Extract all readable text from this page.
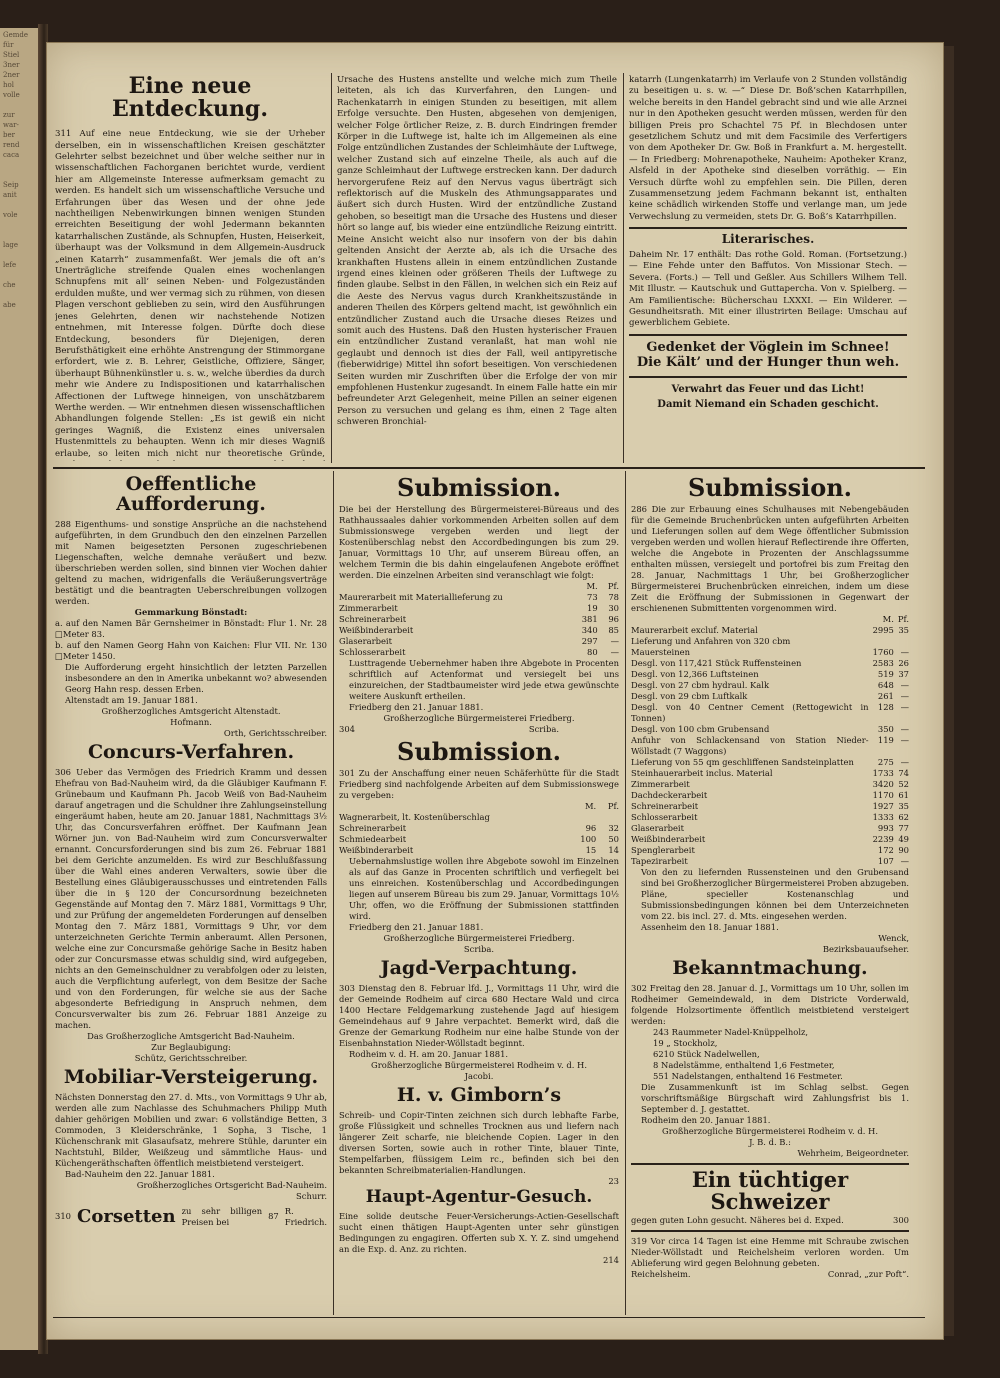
Gemde
für
Stiel
3ner
2ner
hol
volle

zur
war-
ber
rend
caca

Seip
anit

vole

lage

lefe

che

abe

Eine neue Entdeckung.

311 Auf eine neue Entdeckung, wie sie der Urheber derselben, ein in wissenschaftlichen Kreisen geschätzter Gelehrter selbst bezeichnet und über welche seither nur in wissenschaftlichen Fachorganen berichtet wurde, verdient hier am Allgemeinste Interesse aufmerksam gemacht zu werden. Es handelt sich um wissenschaftliche Versuche und Erfahrungen über das Wesen und der ohne jede nachtheiligen Nebenwirkungen binnen wenigen Stunden erreichten Beseitigung der wohl Jedermann bekannten katarrhalischen Zustände, als Schnupfen, Husten, Heiserkeit, überhaupt was der Volksmund in dem Allgemein-Ausdruck „einen Katarrh“ zusammenfaßt. Wer jemals die oft an’s Unerträgliche streifende Qualen eines wochenlangen Schnupfens mit all’ seinen Neben- und Folgezuständen erdulden mußte, und wer vermag sich zu rühmen, von diesen Plagen verschont geblieben zu sein, wird den Ausführungen jenes Gelehrten, denen wir nachstehende Notizen entnehmen, mit Interesse folgen. Dürfte doch diese Entdeckung, besonders für Diejenigen, deren Berufsthätigkeit eine erhöhte Anstrengung der Stimmorgane erfordert, wie z. B. Lehrer, Geistliche, Offiziere, Sänger, überhaupt Bühnenkünstler u. s. w., welche überdies da durch mehr wie Andere zu Indispositionen und katarrhalischen Affectionen der Luftwege hinneigen, von unschätzbarem Werthe werden. — Wir entnehmen diesen wissenschaftlichen Abhandlungen folgende Stellen: „Es ist gewiß ein nicht geringes Wagniß, die Existenz eines universalen Hustenmittels zu behaupten. Wenn ich mir dieses Wagniß erlaube, so leiten mich nicht nur theoretische Gründe,

Ursache des Hustens anstellte und welche mich zum Theile leiteten, als ich das Kurverfahren, den Lungen- und Rachenkatarrh in einigen Stunden zu beseitigen, mit allem Erfolge versuchte. Den Husten, abgesehen von demjenigen, welcher Folge örtlicher Reize, z. B. durch Eindringen fremder Körper in die Luftwege ist, halte ich im Allgemeinen als eine Folge entzündlichen Zustandes der Schleimhäute der Luftwege, welcher Zustand sich auf einzelne Theile, als auch auf die ganze Schleimhaut der Luftwege erstrecken kann. Der dadurch hervorgerufene Reiz auf den Nervus vagus überträgt sich reflektorisch auf die Muskeln des Athmungsapparates und äußert sich durch Husten. Wird der entzündliche Zustand gehoben, so beseitigt man die Ursache des Hustens und dieser hört so lange auf, bis wieder eine entzündliche Reizung eintritt. Meine Ansicht weicht also nur insofern von der bis dahin geltenden Ansicht der Aerzte ab, als ich die Ursache des krankhaften Hustens allein in einem entzündlichen Zustande irgend eines kleinen oder größeren Theils der Luftwege zu finden glaube. Selbst in den Fällen, in welchen sich ein Reiz auf die Aeste des Nervus vagus durch Krankheitszustände in anderen Theilen des Körpers geltend macht, ist gewöhnlich ein entzündlicher Zustand auch die Ursache dieses Reizes und somit auch des Hustens. Daß den Husten hysterischer Frauen ein entzündlicher Zustand veranlaßt, hat man wohl nie geglaubt und dennoch ist dies der Fall, weil antipyretische (fieberwidrige) Mittel ihn sofort beseitigen. Von verschiedenen Seiten wurden mir Zuschriften über die Erfolge der von mir empfohlenen Hustenkur zugesandt. In einem Falle hatte ein mir befreundeter Arzt Gelegenheit, meine Pillen an seiner eigenen Person zu versuchen und gelang es ihm, einen 2 Tage alten schweren Bronchial-

katarrh (Lungenkatarrh) im Verlaufe von 2 Stunden vollständig zu beseitigen u. s. w. —“ Diese Dr. Boß’schen Katarrhpillen, welche bereits in den Handel gebracht sind und wie alle Arznei nur in den Apotheken gesucht werden müssen, werden für den billigen Preis pro Schachtel 75 Pf. in Blechdosen unter gesetzlichem Schutz und mit dem Facsimile des Verfertigers von dem Apotheker Dr. Gw. Boß in Frankfurt a. M. hergestellt. — In Friedberg: Mohrenapotheke, Nauheim: Apotheker Kranz, Alsfeld in der Apotheke sind dieselben vorräthig. — Ein Versuch dürfte wohl zu empfehlen sein. Die Pillen, deren Zusammensetzung jedem Fachmann bekannt ist, enthalten keine schädlich wirkenden Stoffe und verlange man, um jede Verwechslung zu vermeiden, stets Dr. G. Boß’s Katarrhpillen.

Literarisches.

Daheim Nr. 17 enthält: Das rothe Gold. Roman. (Fortsetzung.) — Eine Fehde unter den Baffutos. Von Missionar Stech. — Severa. (Forts.) — Tell und Geßler. Aus Schillers Wilhem Tell. Mit Illustr. — Kautschuk und Guttapercha. Von v. Spielberg. — Am Familientische: Bücherschau LXXXI. — Ein Wilderer. — Gesundheitsrath. Mit einer illustrirten Beilage: Umschau auf gewerblichem Gebiete.

Gedenket der Vöglein im Schnee!
Die Kält’ und der Hunger thun weh.
Verwahrt das Feuer und das Licht!
Damit Niemand ein Schaden geschicht.
Oeffentliche Aufforderung.

288 Eigenthums- und sonstige Ansprüche an die nachstehend aufgeführten, in dem Grundbuch den den einzelnen Parzellen mit Namen beigesetzten Personen zugeschriebenen Liegenschaften, welche demnahe veräußert und bezw. überschrieben werden sollen, sind binnen vier Wochen dahier geltend zu machen, widrigenfalls die Veräußerungsverträge bestätigt und die beantragten Ueberschreibungen vollzogen werden.

Gemmarkung Bönstadt:

a. auf den Namen Bär Gernsheimer in Bönstadt: Flur 1. Nr. 28 □Meter 83.

b. auf den Namen Georg Hahn von Kaichen: Flur VII. Nr. 130 □Meter 1450.

Die Aufforderung ergeht hinsichtlich der letzten Parzellen insbesondere an den in Amerika unbekannt wo? abwesenden Georg Hahn resp. dessen Erben.

Altenstadt am 19. Januar 1881.

Großherzogliches Amtsgericht Altenstadt.
Hofmann.
Orth, Gerichtsschreiber.
Concurs-Verfahren.

306 Ueber das Vermögen des Friedrich Kramm und dessen Ehefrau von Bad-Nauheim wird, da die Gläubiger Kaufmann F. Grünebaum und Kaufmann Ph. Jacob Weiß von Bad-Nauheim darauf angetragen und die Schuldner ihre Zahlungseinstellung eingeräumt haben, heute am 20. Januar 1881, Nachmittags 3½ Uhr, das Concursverfahren eröffnet. Der Kaufmann Jean Wörner jun. von Bad-Nauheim wird zum Concursverwalter ernannt. Concursforderungen sind bis zum 26. Februar 1881 bei dem Gerichte anzumelden. Es wird zur Beschlußfassung über die Wahl eines anderen Verwalters, sowie über die Bestellung eines Gläubigerausschusses und eintretenden Falls über die in § 120 der Concursordnung bezeichneten Gegenstände auf Montag den 7. März 1881, Vormittags 9 Uhr, und zur Prüfung der angemeldeten Forderungen auf denselben Montag den 7. März 1881, Vormittags 9 Uhr, vor dem unterzeichneten Gerichte Termin anberaumt. Allen Personen, welche eine zur Concursmaße gehörige Sache in Besitz haben oder zur Concursmasse etwas schuldig sind, wird aufgegeben, nichts an den Gemeinschuldner zu verabfolgen oder zu leisten, auch die Verpflichtung auferlegt, von dem Besitze der Sache und von den Forderungen, für welche sie aus der Sache abgesonderte Befriedigung in Anspruch nehmen, dem Concursverwalter bis zum 26. Februar 1881 Anzeige zu machen.

Das Großherzogliche Amtsgericht Bad-Nauheim.
Zur Beglaubigung:
Schütz, Gerichtsschreiber.
Mobiliar-Versteigerung.

Nächsten Donnerstag den 27. d. Mts., von Vormittags 9 Uhr ab, werden alle zum Nachlasse des Schuhmachers Philipp Muth dahier gehörigen Mobilien und zwar: 6 vollständige Betten, 3 Commoden, 3 Kleiderschränke, 1 Sopha, 3 Tische, 1 Küchenschrank mit Glasaufsatz, mehrere Stühle, darunter ein Nachtstuhl, Bilder, Weißzeug und sämmtliche Haus- und Küchengeräthschaften öffentlich meistbietend versteigert.

Bad-Nauheim den 22. Januar 1881.

Großherzogliches Ortsgericht Bad-Nauheim.
Schurr.
310 Corsetten zu sehr billigen Preisen bei
87
R. Friedrich.
Submission.

Die bei der Herstellung des Bürgermeisterei-Büreaus und des Rathhaussaales dahier vorkommenden Arbeiten sollen auf dem Submissionswege vergeben werden und liegt der Kostenüberschlag nebst den Accordbedingungen bis zum 29. Januar, Vormittags 10 Uhr, auf unserem Büreau offen, an welchem Termin die bis dahin eingelaufenen Angebote eröffnet werden. Die einzelnen Arbeiten sind veranschlagt wie folgt:

	M.	Pf.
Maurerarbeit mit Materiallieferung zu	73	78
Zimmerarbeit	19	30
Schreinerarbeit	381	96
Weißbinderarbeit	340	85
Glaserarbeit	297	—
Schlosserarbeit	80	—

Lusttragende Uebernehmer haben ihre Abgebote in Procenten schriftlich auf Actenformat und versiegelt bei uns einzureichen, der Stadtbaumeister wird jede etwa gewünschte weitere Auskunft ertheilen.

Friedberg den 21. Januar 1881.

Großherzogliche Bürgermeisterei Friedberg.
304	Scriba.
Submission.

301 Zu der Anschaffung einer neuen Schäferhütte für die Stadt Friedberg sind nachfolgende Arbeiten auf dem Submissionswege zu vergeben:

	M.	Pf.
Wagnerarbeit, lt. Kostenüberschlag		
Schreinerarbeit	96	32
Schmiedearbeit	100	50
Weißbinderarbeit	15	14

Uebernahmslustige wollen ihre Abgebote sowohl im Einzelnen als auf das Ganze in Procenten schriftlich und verfiegelt bei uns einreichen. Kostenüberschlag und Accordbedingungen liegen auf unserem Büreau bis zum 29. Januar, Vormittags 10½ Uhr, offen, wo die Eröffnung der Submissionen stattfinden wird.

Friedberg den 21. Januar 1881.

Großherzogliche Bürgermeisterei Friedberg.
Scriba.
Jagd-Verpachtung.

303 Dienstag den 8. Februar lfd. J., Vormittags 11 Uhr, wird die der Gemeinde Rodheim auf circa 680 Hectare Wald und circa 1400 Hectare Feldgemarkung zustehende Jagd auf hiesigem Gemeindehaus auf 9 Jahre verpachtet. Bemerkt wird, daß die Grenze der Gemarkung Rodheim nur eine halbe Stunde von der Eisenbahnstation Nieder-Wöllstadt beginnt.

Rodheim v. d. H. am 20. Januar 1881.

Großherzogliche Bürgermeisterei Rodheim v. d. H.
Jacobi.
H. v. Gimborn’s

Schreib- und Copir-Tinten zeichnen sich durch lebhafte Farbe, große Flüssigkeit und schnelles Trocknen aus und liefern nach längerer Zeit scharfe, nie bleichende Copien. Lager in den diversen Sorten, sowie auch in rother Tinte, blauer Tinte, Stempelfarben, flüssigem Leim rc., befinden sich bei den bekannten Schreibmaterialien-Handlungen.

23
Haupt-Agentur-Gesuch.

Eine solide deutsche Feuer-Versicherungs-Actien-Gesellschaft sucht einen thätigen Haupt-Agenten unter sehr günstigen Bedingungen zu engagiren. Offerten sub X. Y. Z. sind umgehend an die Exp. d. Anz. zu richten.

214
Submission.

286 Die zur Erbauung eines Schulhauses mit Nebengebäuden für die Gemeinde Bruchenbrücken unten aufgeführten Arbeiten und Lieferungen sollen auf dem Wege öffentlicher Submission vergeben werden und wollen hierauf Reflectirende ihre Offerten, welche die Angebote in Prozenten der Anschlagssumme enthalten müssen, versiegelt und portofrei bis zum Freitag den 28. Januar, Nachmittags 1 Uhr, bei Großherzoglicher Bürgermeisterei Bruchenbrücken einreichen, indem um diese Zeit die Eröffnung der Submissionen in Gegenwart der erschienenen Submittenten vorgenommen wird.

	M.	Pf.
Maurerarbeit excluf. Material	2995	35
Lieferung und Anfahren von 320 cbm		
Mauersteinen	1760	—
Desgl. von 117,421 Stück Ruffensteinen	2583	26
Desgl. von 12,366 Luftsteinen	519	37
Desgl. von 27 cbm hydraul. Kalk	648	—
Desgl. von 29 cbm Luftkalk	261	—
Desgl. von 40 Centner Cement (Rettogewicht in Tonnen)	128	—
Desgl. von 100 cbm Grubensand	350	—
Anfuhr von Schlackensand von Station Nieder-Wöllstadt (7 Waggons)	119	—
Lieferung von 55 qm geschliffenen Sandsteinplatten	275	—
Steinhauerarbeit inclus. Material	1733	74
Zimmerarbeit	3420	52
Dachdeckerarbeit	1170	61
Schreinerarbeit	1927	35
Schlosserarbeit	1333	62
Glaserarbeit	993	77
Weißbinderarbeit	2239	49
Spenglerarbeit	172	90
Tapezirarbeit	107	—

Von den zu liefernden Russensteinen und den Grubensand sind bei Großherzoglicher Bürgermeisterei Proben abzugeben. Pläne, specieller Kostenanschlag und Submissionsbedingungen können bei dem Unterzeichneten vom 22. bis incl. 27. d. Mts. eingesehen werden.

Assenheim den 18. Januar 1881.

Wenck,
Bezirksbauaufseher.
Bekanntmachung.

302 Freitag den 28. Januar d. J., Vormittags um 10 Uhr, sollen im Rodheimer Gemeindewald, in dem Districte Vorderwald, folgende Holzsortimente öffentlich meistbietend versteigert werden:

243 Raummeter Nadel-Knüppelholz,
19 „ Stockholz,
6210 Stück Nadelwellen,
8 Nadelstämme, enthaltend 1,6 Festmeter,
551 Nadelstangen, enthaltend 16 Festmeter.

Die Zusammenkunft ist im Schlag selbst. Gegen vorschriftsmäßige Bürgschaft wird Zahlungsfrist bis 1. September d. J. gestattet.

Rodheim den 20. Januar 1881.

Großherzogliche Bürgermeisterei Rodheim v. d. H.
J. B. d. B.:
Wehrheim, Beigeordneter.
Ein tüchtiger Schweizer
gegen guten Lohn gesucht. Näheres bei d. Exped.	300

319 Vor circa 14 Tagen ist eine Hemme mit Schraube zwischen Nieder-Wöllstadt und Reichelsheim verloren worden. Um Ablieferung wird gegen Belohnung gebeten.

Reichelsheim.	Conrad, „zur Poft“.
